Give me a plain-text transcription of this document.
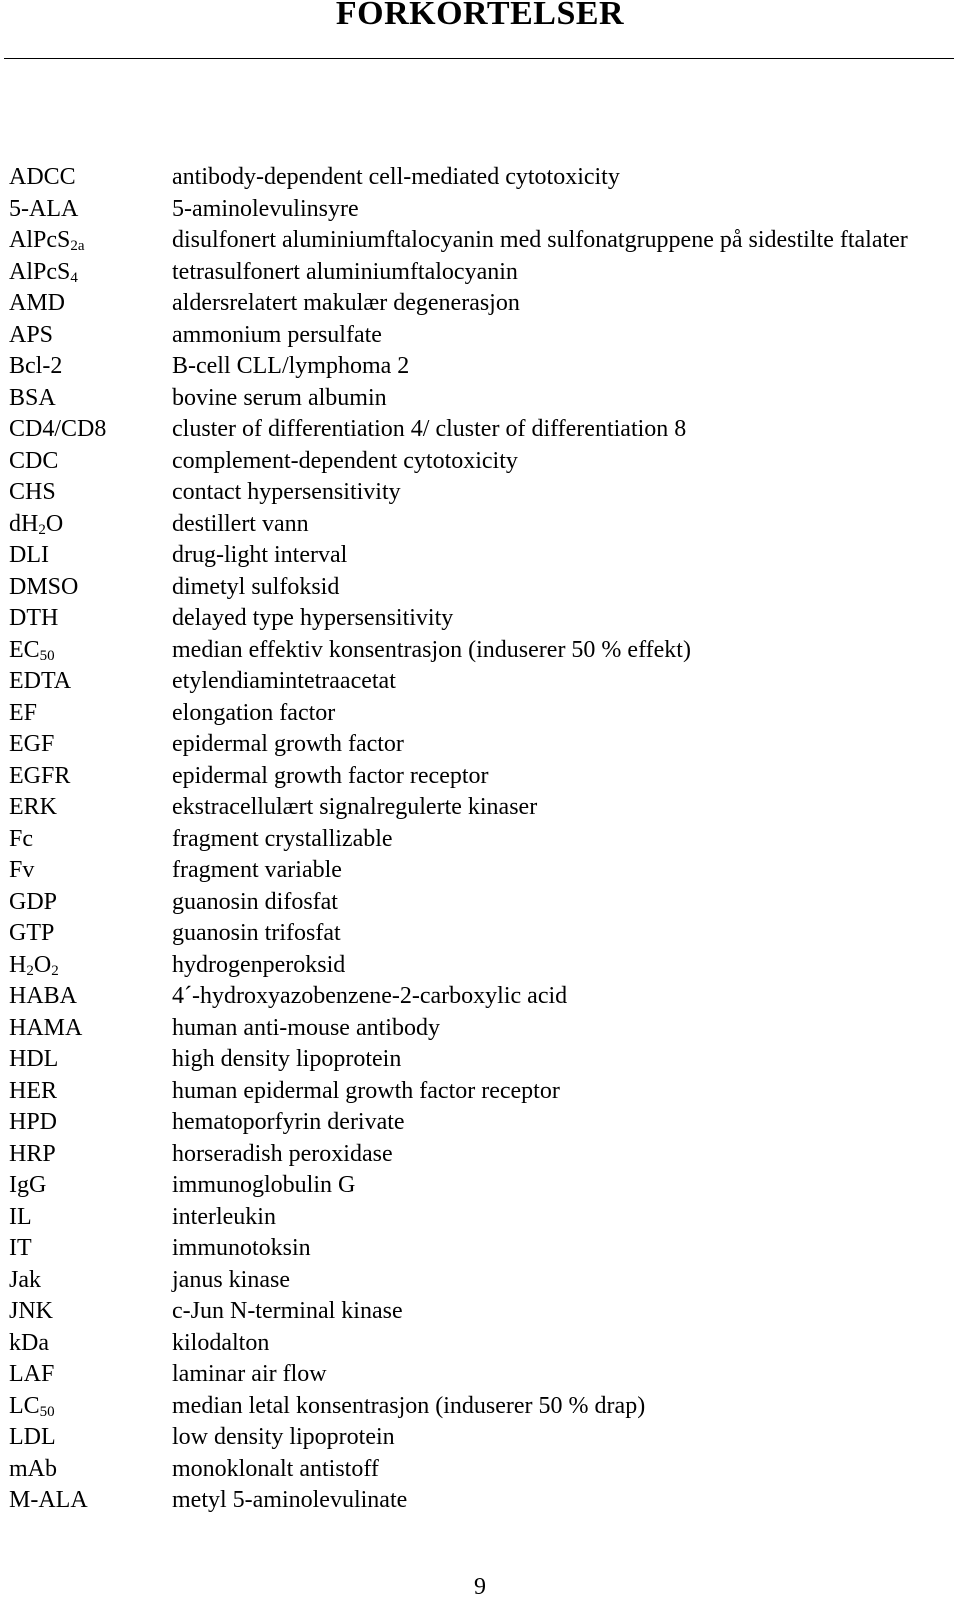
FORKORTELSER
ADCC	antibody-dependent cell-mediated cytotoxicity
5-ALA	5-aminolevulinsyre
AlPcS$_{2a}$	disulfonert aluminiumftalocyanin med sulfonatgruppene på sidestilte ftalater
AlPcS$_4$	tetrasulfonert aluminiumftalocyanin
AMD	aldersrelatert makulær degenerasjon
APS	ammonium persulfate
Bcl-2	B-cell CLL/lymphoma 2
BSA	bovine serum albumin
CD4/CD8	cluster of differentiation 4/ cluster of differentiation 8
CDC	complement-dependent cytotoxicity
CHS	contact hypersensitivity
$dH_2O$	destillert vann
DLI	drug-light interval
DMSO	dimetyl sulfoksid
DTH	delayed type hypersensitivity
$EC_{50}$	median effektiv konsentrasjon (induserer 50 % effekt)
EDTA	etylendiamintetraacetat
EF	elongation factor
EGF	epidermal growth factor
EGFR	epidermal growth factor receptor
ERK	ekstracellulært signalregulerte kinaser
Fc	fragment crystallizable
Fv	fragment variable
GDP	guanosin difosfat
GTP	guanosin trifosfat
$H_2O_2$	hydrogenperoksid
HABA	4´-hydroxyazobenzene-2-carboxylic acid
HAMA	human anti-mouse antibody
HDL	high density lipoprotein
HER	human epidermal growth factor receptor
HPD	hematoporfyrin derivate
HRP	horseradish peroxidase
IgG	immunoglobulin G
IL	interleukin
IT	immunotoksin
Jak	janus kinase
JNK	c-Jun N-terminal kinase
kDa	kilodalton
LAF	laminar air flow
$LC_{50}$	median letal konsentrasjon (induserer 50 % drap)
LDL	low density lipoprotein
mAb	monoklonalt antistoff
M-ALA	metyl 5-aminolevulinate
9
